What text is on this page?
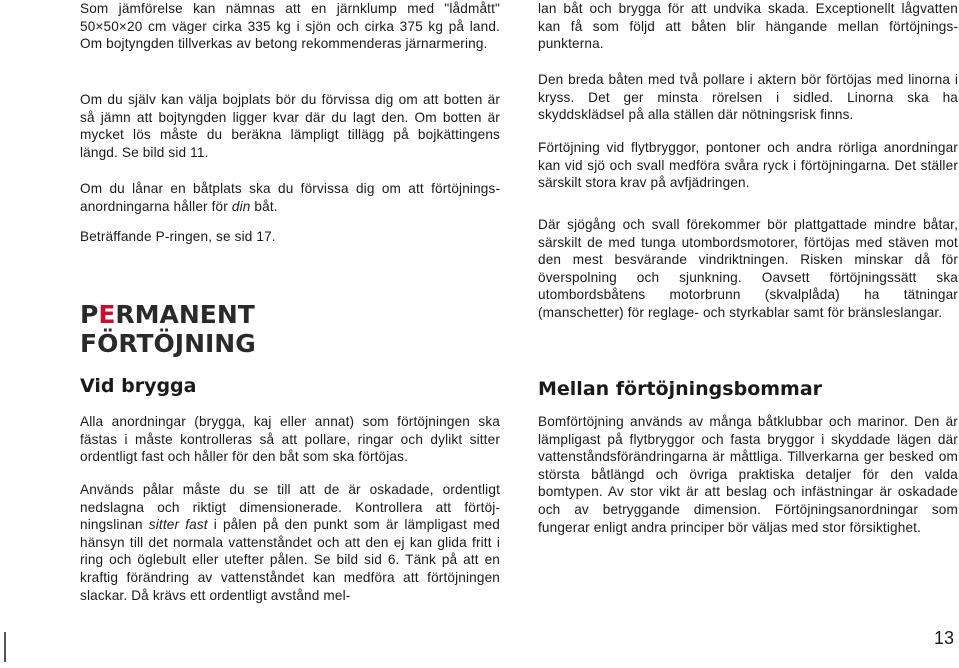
Som jämförelse kan nämnas att en järnklump med "lådmått" 50×50×20 cm väger cirka 335 kg i sjön och cirka 375 kg på land. Om bojtyngden tillverkas av betong rekommenderas järnarmering.

Om du själv kan välja bojplats bör du förvissa dig om att botten är så jämn att bojtyngden ligger kvar där du lagt den. Om botten är mycket lös måste du beräkna lämpligt tillägg på bojkättingens längd. Se bild sid 11.

Om du lånar en båtplats ska du förvissa dig om att förtöjningsanordningarna håller för din båt.

Beträffande P-ringen, se sid 17.

PERMANENT
FÖRTÖJNING
Vid brygga

Alla anordningar (brygga, kaj eller annat) som förtöjningen ska fästas i måste kontrolleras så att pollare, ringar och dylikt sitter ordentligt fast och håller för den båt som ska förtöjas.

Används pålar måste du se till att de är oskadade, ordentligt nedslagna och riktigt dimensionerade. Kontrollera att förtöjningslinan sitter fast i pålen på den punkt som är lämpligast med hänsyn till det normala vattenståndet och att den ej kan glida fritt i ring och öglebult eller utefter pålen. Se bild sid 6. Tänk på att en kraftig förändring av vattenståndet kan medföra att förtöjningen slackar. Då krävs ett ordentligt avstånd mel-

lan båt och brygga för att undvika skada. Exceptionellt lågvatten kan få som följd att båten blir hängande mellan förtöjningspunkterna.

Den breda båten med två pollare i aktern bör förtöjas med linorna i kryss. Det ger minsta rörelsen i sidled. Linorna ska ha skyddsklädsel på alla ställen där nötningsrisk finns.

Förtöjning vid flytbryggor, pontoner och andra rörliga anordningar kan vid sjö och svall medföra svåra ryck i förtöjningarna. Det ställer särskilt stora krav på avfjädringen.

Där sjögång och svall förekommer bör plattgattade mindre båtar, särskilt de med tunga utombordsmotorer, förtöjas med stäven mot den mest besvärande vindriktningen. Risken minskar då för överspolning och sjunkning. Oavsett förtöjningssätt ska utombordsbåtens motorbrunn (skvalplåda) ha tätningar (manschetter) för reglage- och styrkablar samt för bränsleslangar.

Mellan förtöjningsbommar

Bomförtöjning används av många båtklubbar och marinor. Den är lämpligast på flytbryggor och fasta bryggor i skyddade lägen där vattenståndsförändringarna är måttliga. Tillverkarna ger besked om största båtlängd och övriga praktiska detaljer för den valda bomtypen. Av stor vikt är att beslag och infästningar är oskadade och av betryggande dimension. Förtöjningsanordningar som fungerar enligt andra principer bör väljas med stor försiktighet.

13
